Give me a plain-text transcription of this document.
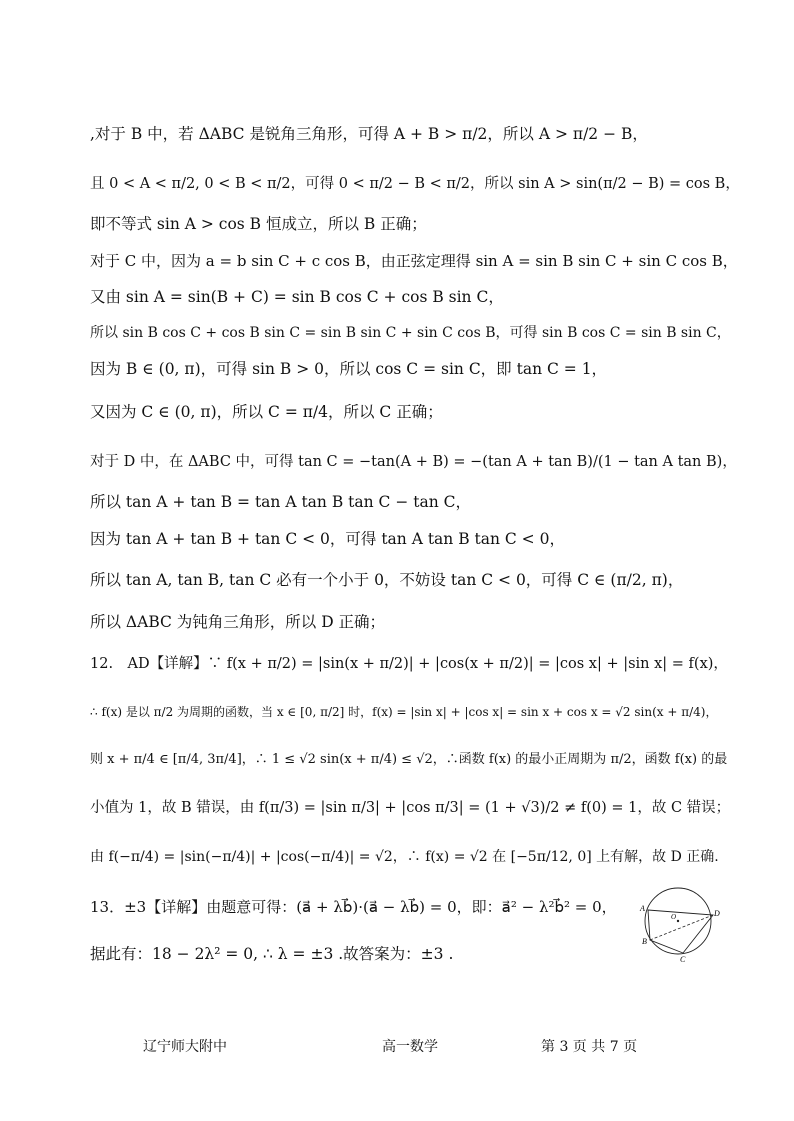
,对于 B 中，若 ΔABC 是锐角三角形，可得 A + B > π/2，所以 A > π/2 − B，
且 0 < A < π/2, 0 < B < π/2，可得 0 < π/2 − B < π/2，所以 sin A > sin(π/2 − B) = cos B，
即不等式 sin A > cos B 恒成立，所以 B 正确；
对于 C 中，因为 a = b sin C + c cos B，由正弦定理得 sin A = sin B sin C + sin C cos B，
又由 sin A = sin(B + C) = sin B cos C + cos B sin C，
所以 sin B cos C + cos B sin C = sin B sin C + sin C cos B，可得 sin B cos C = sin B sin C，
因为 B ∈ (0, π)，可得 sin B > 0，所以 cos C = sin C，即 tan C = 1，
又因为 C ∈ (0, π)，所以 C = π/4，所以 C 正确；
对于 D 中，在 ΔABC 中，可得 tan C = −tan(A + B) = −(tan A + tan B)/(1 − tan A tan B)，
所以 tan A + tan B = tan A tan B tan C − tan C，
因为 tan A + tan B + tan C < 0，可得 tan A tan B tan C < 0，
所以 tan A, tan B, tan C 必有一个小于 0，不妨设 tan C < 0，可得 C ∈ (π/2, π)，
所以 ΔABC 为钝角三角形，所以 D 正确；
12.　AD【详解】∵ f(x + π/2) = |sin(x + π/2)| + |cos(x + π/2)| = |cos x| + |sin x| = f(x)，
∴ f(x) 是以 π/2 为周期的函数，当 x ∈ [0, π/2] 时，f(x) = |sin x| + |cos x| = sin x + cos x = √2 sin(x + π/4)，
则 x + π/4 ∈ [π/4, 3π/4]，∴ 1 ≤ √2 sin(x + π/4) ≤ √2，∴函数 f(x) 的最小正周期为 π/2，函数 f(x) 的最
小值为 1，故 B 错误，由 f(π/3) = |sin π/3| + |cos π/3| = (1 + √3)/2 ≠ f(0) = 1，故 C 错误；
由 f(−π/4) = |sin(−π/4)| + |cos(−π/4)| = √2，∴ f(x) = √2 在 [−5π/12, 0] 上有解，故 D 正确.
13．±3【详解】由题意可得：(a⃗ + λb⃗)·(a⃗ − λb⃗) = 0，即：a⃗² − λ²b⃗² = 0，
据此有：18 − 2λ² = 0, ∴ λ = ±3 .故答案为：±3 .
A
D
C
B
O
辽宁师大附中	高一数学	第 3 页 共 7 页
